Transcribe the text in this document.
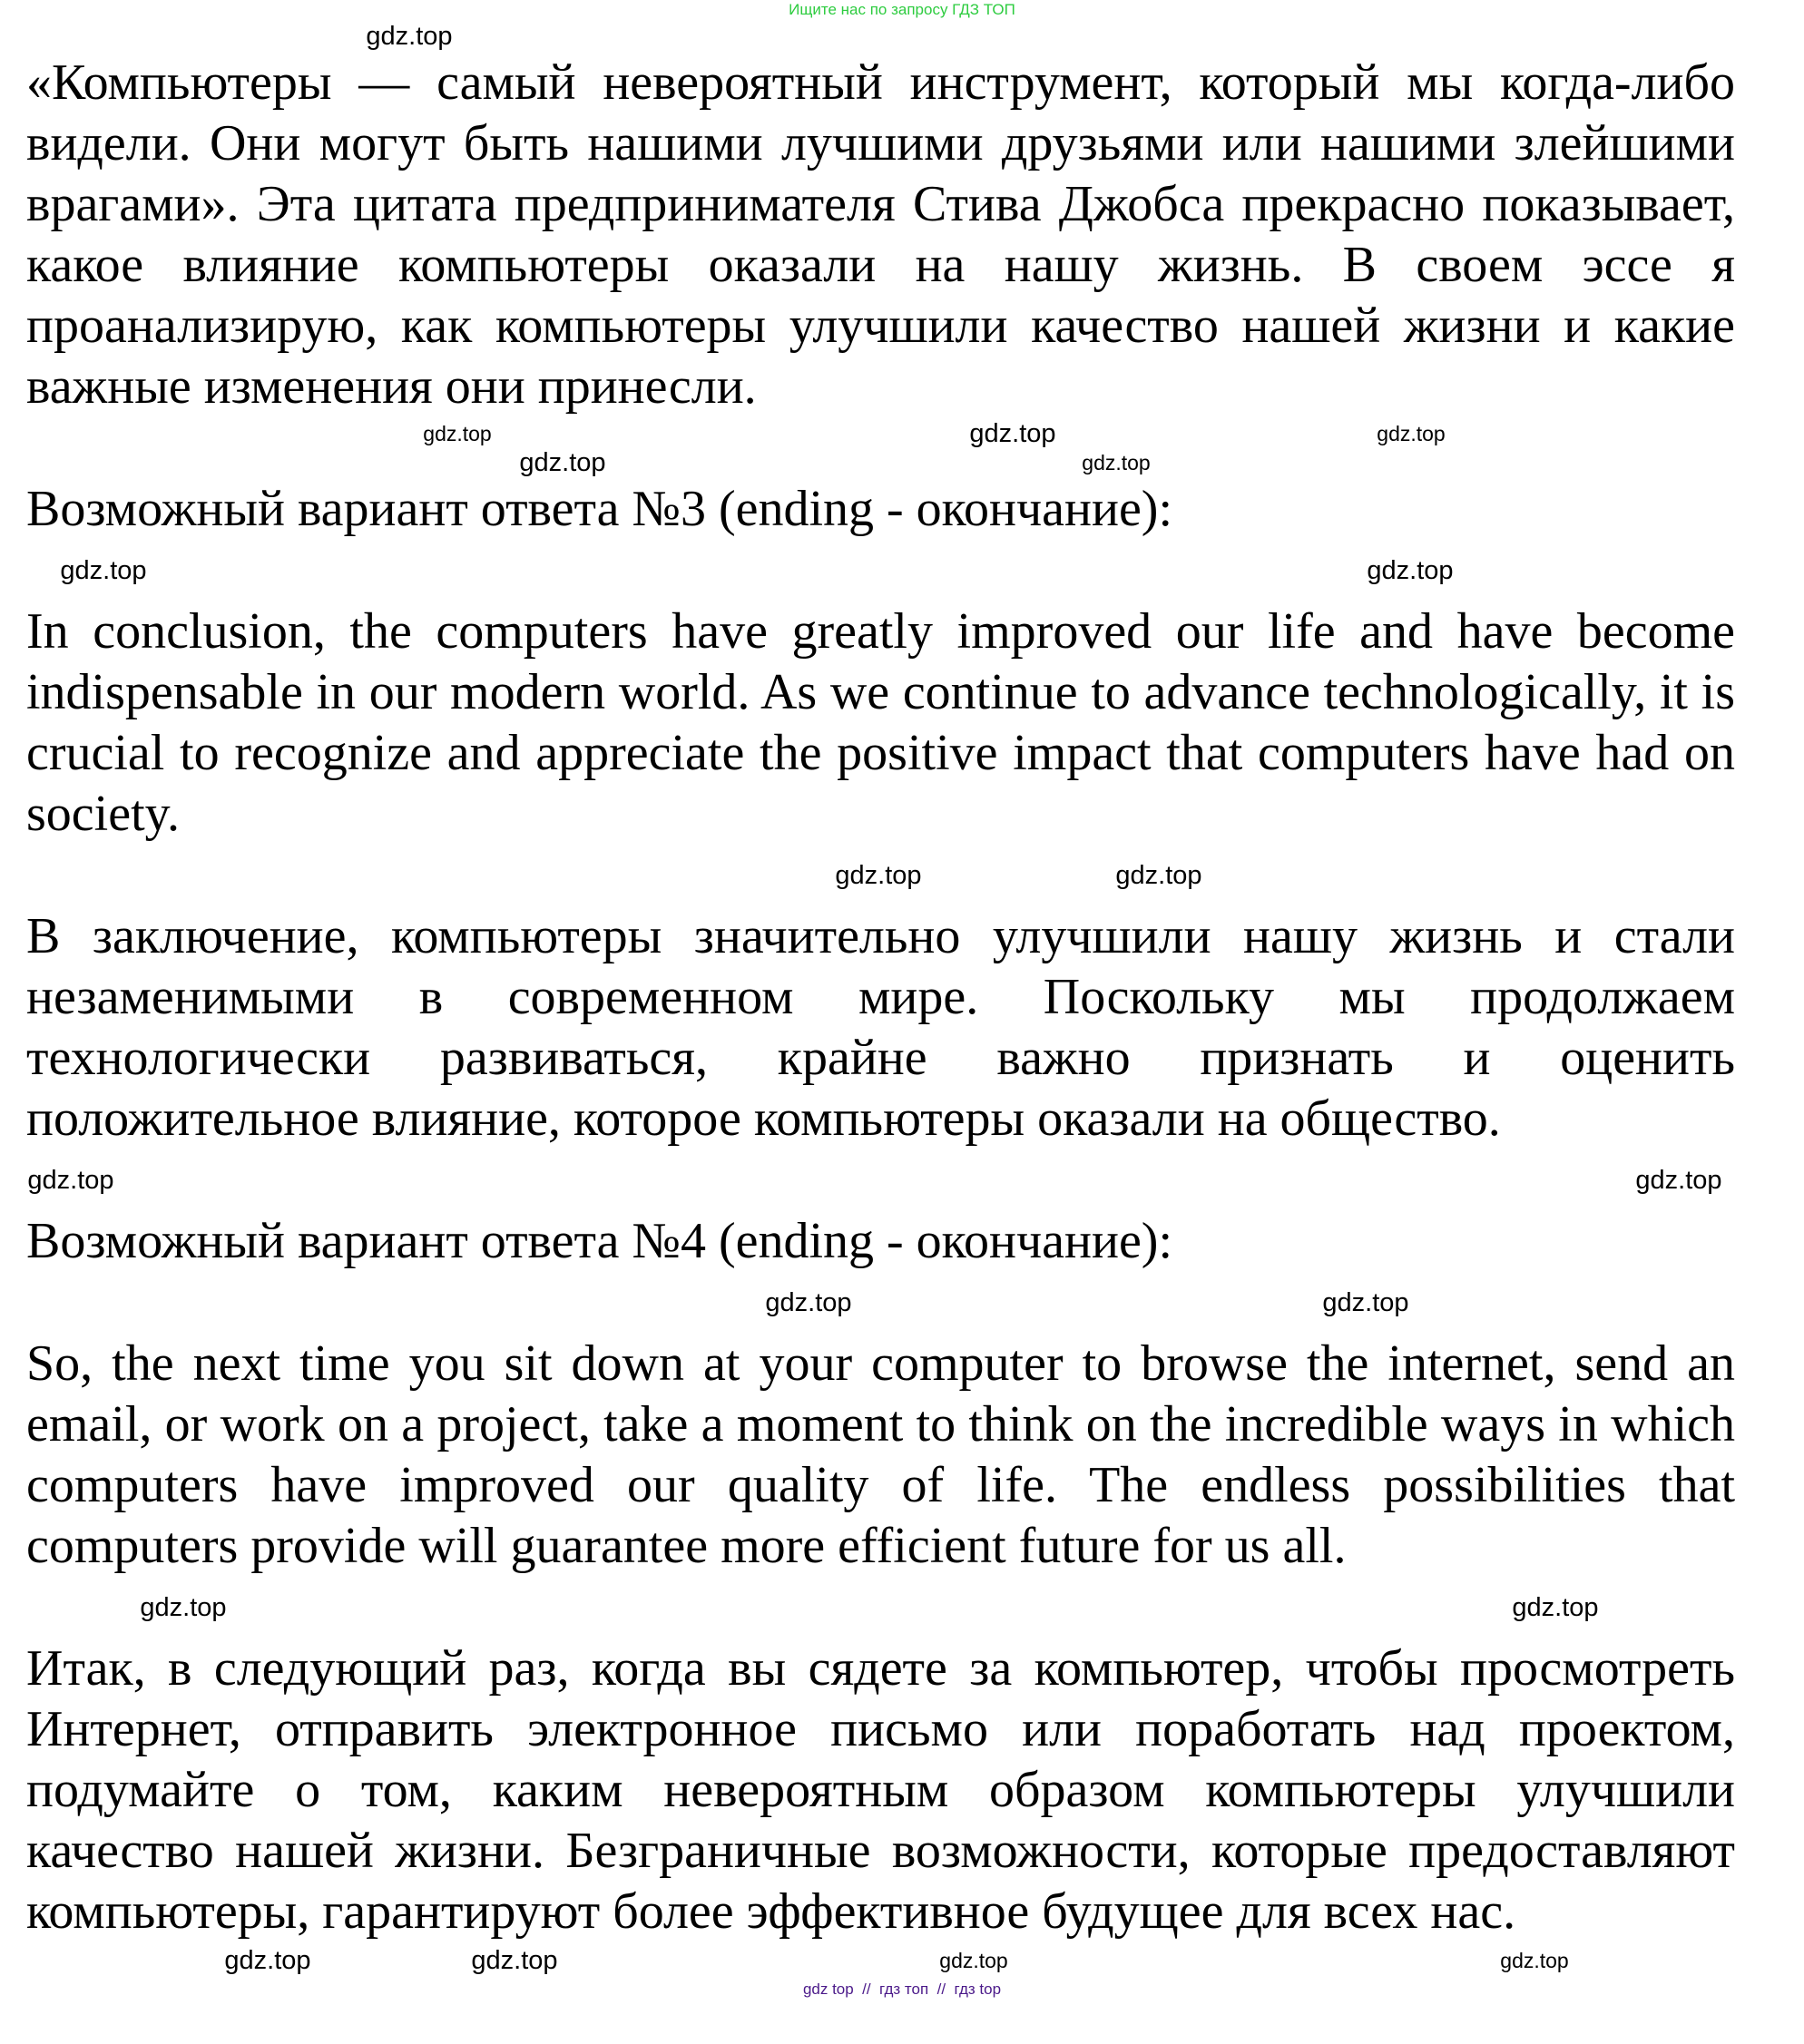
Ищите нас по запросу ГДЗ ТОП
gdz.top

«Компьютеры — самый невероятный инструмент, который мы когда-либо видели. Они могут быть нашими лучшими друзьями или нашими злейшими врагами». Эта цитата предпринимателя Стива Джобса прекрасно показывает, какое влияние компьютеры оказали на нашу жизнь. В своем эссе я проанализирую, как компьютеры улучшили качество нашей жизни и какие важные изменения они принесли.

gdz.top	gdz.top	gdz.top
gdz.top	gdz.top

Возможный вариант ответа №3 (ending - окончание):

gdz.top	gdz.top

In conclusion, the computers have greatly improved our life and have become indispensable in our modern world. As we continue to advance technologically, it is crucial to recognize and appreciate the positive impact that computers have had on society.

gdz.top	gdz.top

В заключение, компьютеры значительно улучшили нашу жизнь и стали незаменимыми в современном мире. Поскольку мы продолжаем технологически развиваться, крайне важно признать и оценить положительное влияние, которое компьютеры оказали на общество.

gdz.top	gdz.top

Возможный вариант ответа №4 (ending - окончание):

gdz.top	gdz.top

So, the next time you sit down at your computer to browse the internet, send an email, or work on a project, take a moment to think on the incredible ways in which computers have improved our quality of life. The endless possibilities that computers provide will guarantee more efficient future for us all.

gdz.top	gdz.top

Итак, в следующий раз, когда вы сядете за компьютер, чтобы просмотреть Интернет, отправить электронное письмо или поработать над проектом, подумайте о том, каким невероятным образом компьютеры улучшили качество нашей жизни. Безграничные возможности, которые предоставляют компьютеры, гарантируют более эффективное будущее для всех нас.

gdz.top	gdz.top	gdz.top	gdz.top
gdz top  //  гдз топ  //  гдз top
